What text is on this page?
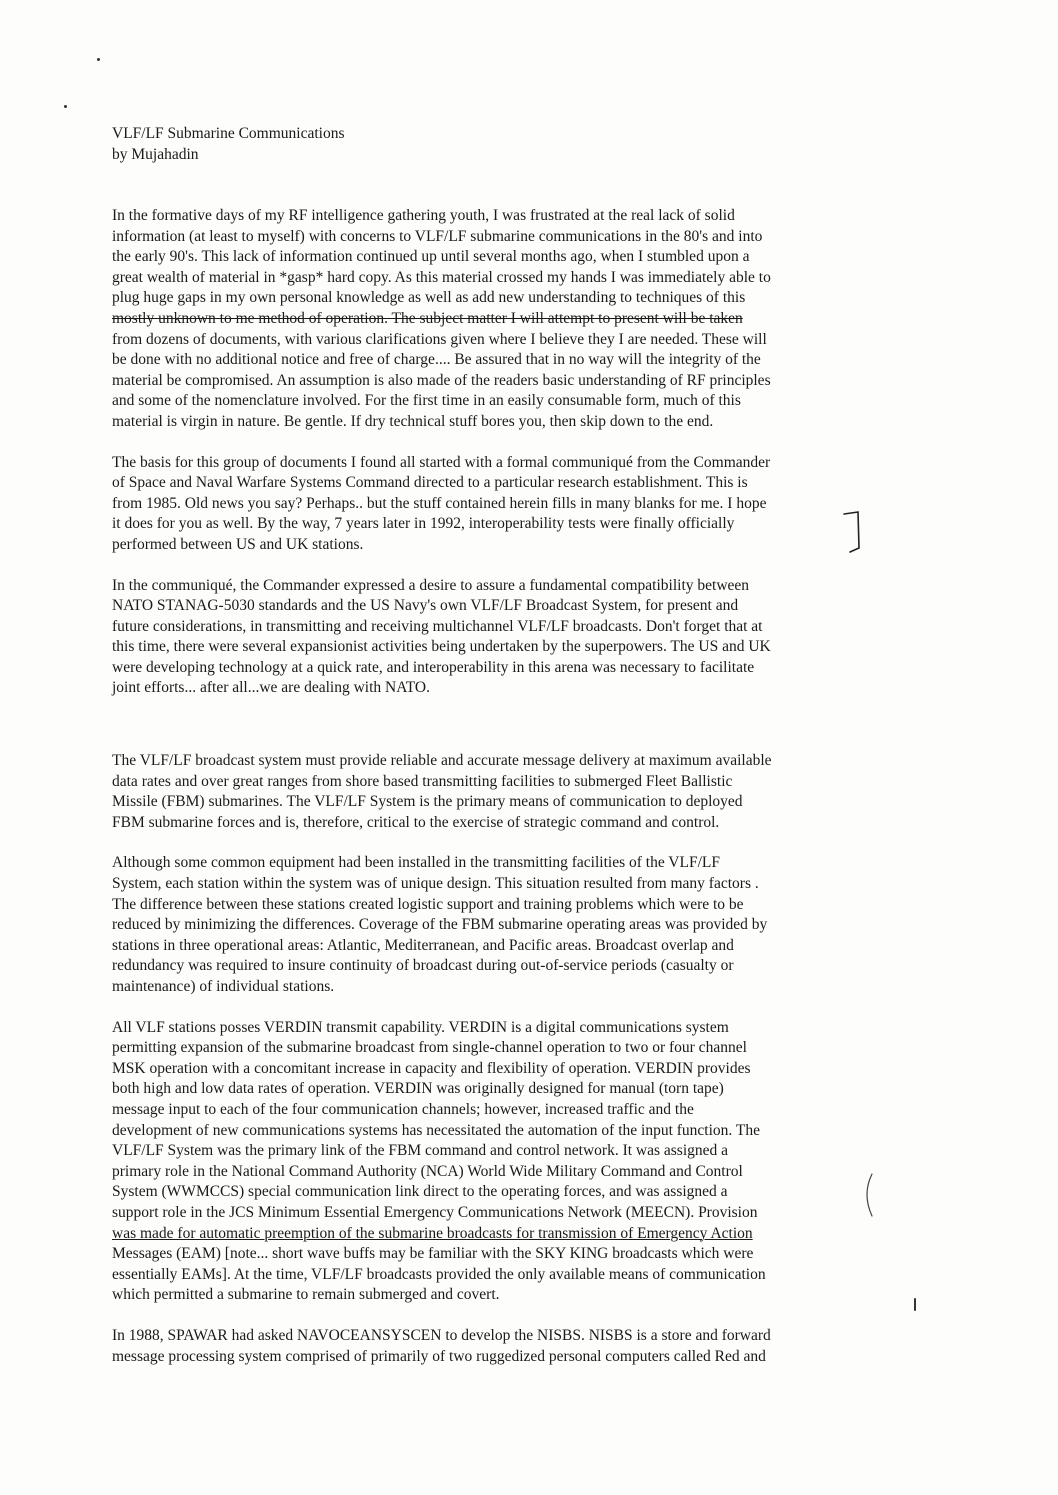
VLF/LF Submarine Communications
by Mujahadin
In the formative days of my RF intelligence gathering youth, I was frustrated at the real lack of solid
information (at least to myself) with concerns to VLF/LF submarine communications in the 80's and into
the early 90's. This lack of information continued up until several months ago, when I stumbled upon a
great wealth of material in *gasp* hard copy. As this material crossed my hands I was immediately able to
plug huge gaps in my own personal knowledge as well as add new understanding to techniques of this
mostly unknown to me method of operation. The subject matter I will attempt to present will be taken
from dozens of documents, with various clarifications given where I believe they I are needed. These will
be done with no additional notice and free of charge.... Be assured that in no way will the integrity of the
material be compromised. An assumption is also made of the readers basic understanding of RF principles
and some of the nomenclature involved. For the first time in an easily consumable form, much of this
material is virgin in nature. Be gentle. If dry technical stuff bores you, then skip down to the end.
The basis for this group of documents I found all started with a formal communiqué from the Commander
of Space and Naval Warfare Systems Command directed to a particular research establishment. This is
from 1985. Old news you say? Perhaps.. but the stuff contained herein fills in many blanks for me. I hope
it does for you as well. By the way, 7 years later in 1992, interoperability tests were finally officially
performed between US and UK stations.
In the communiqué, the Commander expressed a desire to assure a fundamental compatibility between
NATO STANAG-5030 standards and the US Navy's own VLF/LF Broadcast System, for present and
future considerations, in transmitting and receiving multichannel VLF/LF broadcasts. Don't forget that at
this time, there were several expansionist activities being undertaken by the superpowers. The US and UK
were developing technology at a quick rate, and interoperability in this arena was necessary to facilitate
joint efforts... after all...we are dealing with NATO.
The VLF/LF broadcast system must provide reliable and accurate message delivery at maximum available
data rates and over great ranges from shore based transmitting facilities to submerged Fleet Ballistic
Missile (FBM) submarines. The VLF/LF System is the primary means of communication to deployed
FBM submarine forces and is, therefore, critical to the exercise of strategic command and control.
Although some common equipment had been installed in the transmitting facilities of the VLF/LF
System, each station within the system was of unique design. This situation resulted from many factors .
The difference between these stations created logistic support and training problems which were to be
reduced by minimizing the differences. Coverage of the FBM submarine operating areas was provided by
stations in three operational areas: Atlantic, Mediterranean, and Pacific areas. Broadcast overlap and
redundancy was required to insure continuity of broadcast during out-of-service periods (casualty or
maintenance) of individual stations.
All VLF stations posses VERDIN transmit capability. VERDIN is a digital communications system
permitting expansion of the submarine broadcast from single-channel operation to two or four channel
MSK operation with a concomitant increase in capacity and flexibility of operation. VERDIN provides
both high and low data rates of operation. VERDIN was originally designed for manual (torn tape)
message input to each of the four communication channels; however, increased traffic and the
development of new communications systems has necessitated the automation of the input function. The
VLF/LF System was the primary link of the FBM command and control network. It was assigned a
primary role in the National Command Authority (NCA) World Wide Military Command and Control
System (WWMCCS) special communication link direct to the operating forces, and was assigned a
support role in the JCS Minimum Essential Emergency Communications Network (MEECN). Provision
was made for automatic preemption of the submarine broadcasts for transmission of Emergency Action
Messages (EAM) [note... short wave buffs may be familiar with the SKY KING broadcasts which were
essentially EAMs]. At the time, VLF/LF broadcasts provided the only available means of communication
which permitted a submarine to remain submerged and covert.
In 1988, SPAWAR had asked NAVOCEANSYSCEN to develop the NISBS. NISBS is a store and forward
message processing system comprised of primarily of two ruggedized personal computers called Red and
